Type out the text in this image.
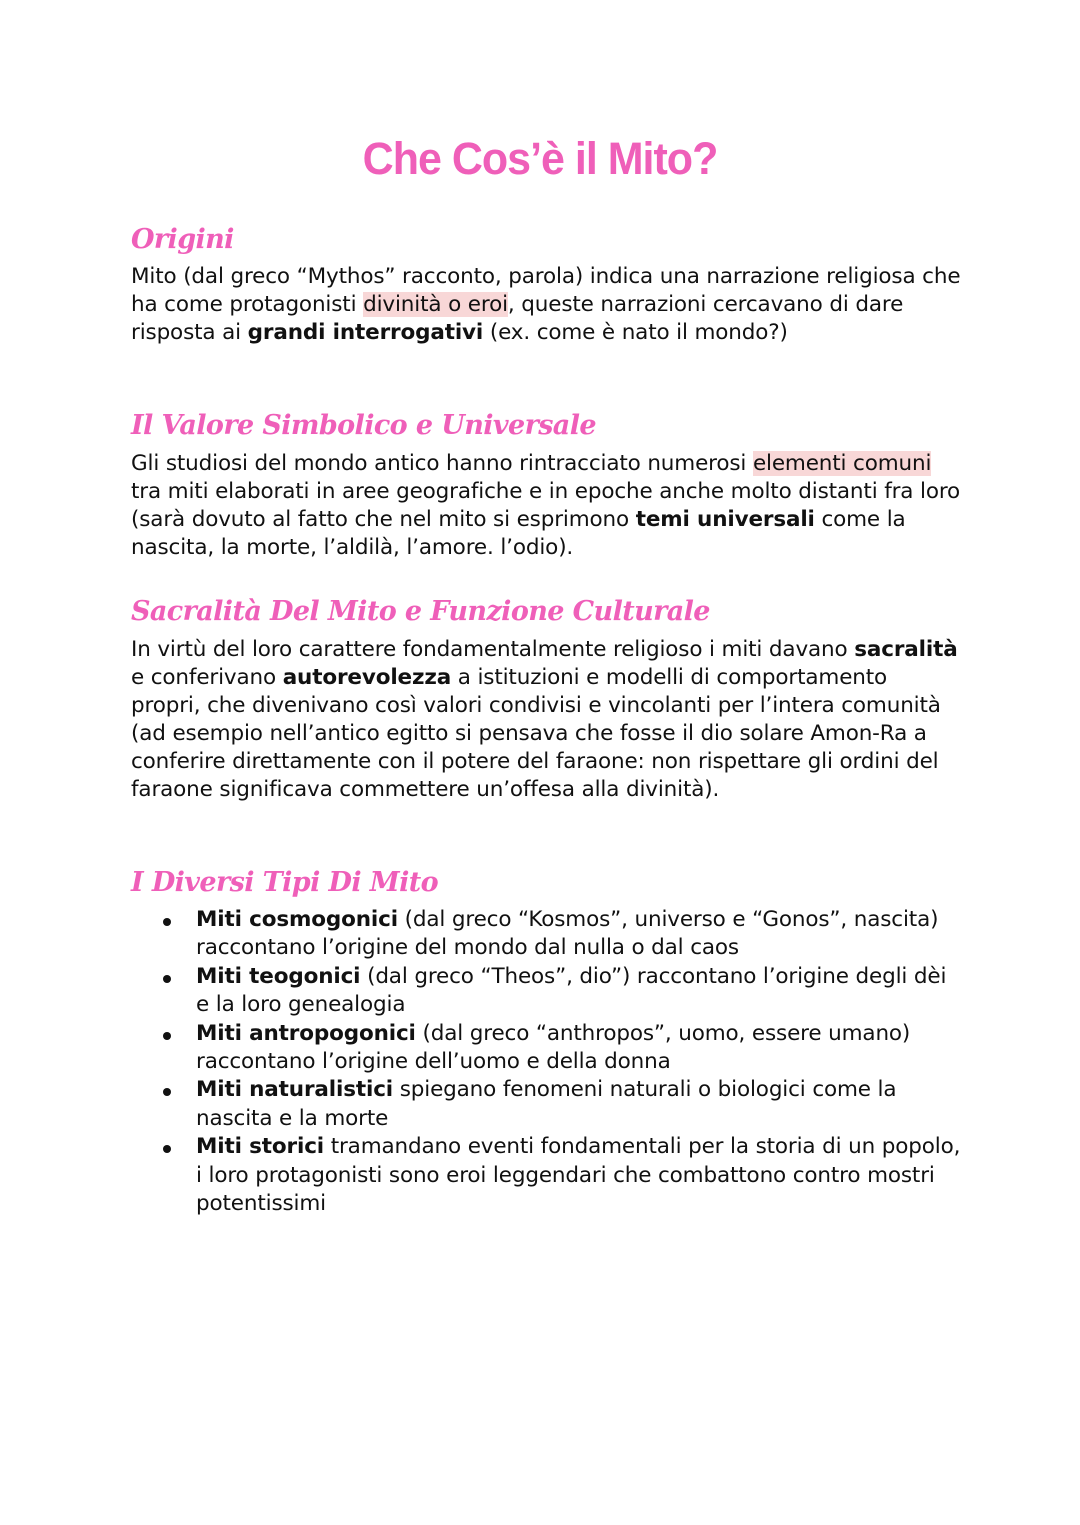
Che Cos’è il Mito?
Origini

Mito (dal greco “Mythos” racconto, parola) indica una narrazione religiosa che ha come protagonisti divinità o eroi, queste narrazioni cercavano di dare risposta ai grandi interrogativi (ex. come è nato il mondo?)

Il Valore Simbolico e Universale

Gli studiosi del mondo antico hanno rintracciato numerosi elementi comuni tra miti elaborati in aree geografiche e in epoche anche molto distanti fra loro (sarà dovuto al fatto che nel mito si esprimono temi universali come la nascita, la morte, l’aldilà, l’amore. l’odio).

Sacralità Del Mito e Funzione Culturale

In virtù del loro carattere fondamentalmente religioso i miti davano sacralità e conferivano autorevolezza a istituzioni e modelli di comportamento propri, che divenivano così valori condivisi e vincolanti per l’intera comunità (ad esempio nell’antico egitto si pensava che fosse il dio solare Amon-Ra a conferire direttamente con il potere del faraone: non rispettare gli ordini del faraone significava commettere un’offesa alla divinità).

I Diversi Tipi Di Mito
Miti cosmogonici (dal greco “Kosmos”, universo e “Gonos”, nascita) raccontano l’origine del mondo dal nulla o dal caos
Miti teogonici (dal greco “Theos”, dio”) raccontano l’origine degli dèi e la loro genealogia
Miti antropogonici (dal greco “anthropos”, uomo, essere umano) raccontano l’origine dell’uomo e della donna
Miti naturalistici spiegano fenomeni naturali o biologici come la nascita e la morte
Miti storici tramandano eventi fondamentali per la storia di un popolo, i loro protagonisti sono eroi leggendari che combattono contro mostri potentissimi
